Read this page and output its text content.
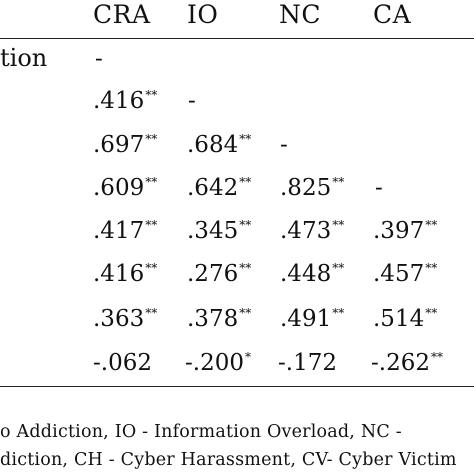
CRA IO NC CA
tion -
.416** -
.697** .684** -
.609** .642** .825** -
.417** .345** .473** .397**
.416** .276** .448** .457**
.363** .378** .491** .514**
-.062 -.200* -.172 -.262**
o Addiction, IO - Information Overload, NC -
diction, CH - Cyber Harassment, CV- Cyber Victim
